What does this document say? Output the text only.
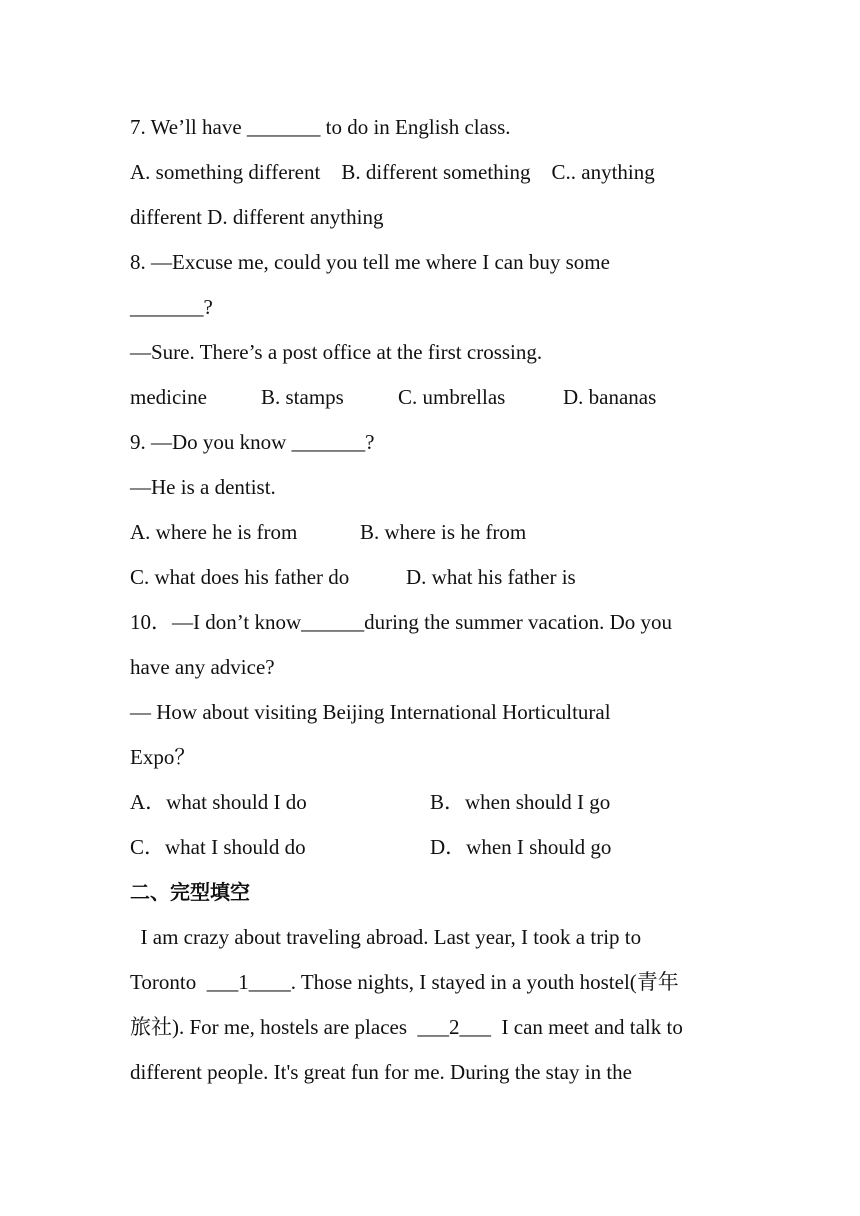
7. We’ll have _______ to do in English class.
A. something different    B. different something    C.. anything
different D. different anything
8. —Excuse me, could you tell me where I can buy some
_______?
—Sure. There’s a post office at the first crossing.
medicine	B. stamps	C. umbrellas	D. bananas
9. —Do you know _______?
—He is a dentist.
A. where he is from	B. where is he from
C. what does his father do	D. what his father is
10．—I don’t know______during the summer vacation. Do you
have any advice?
— How about visiting Beijing International Horticultural
Expo？
A．what should I do	B．when should I go
C．what I should do	D．when I should go
二、完型填空
I am crazy about traveling abroad. Last year, I took a trip to
Toronto  ___1____. Those nights, I stayed in a youth hostel(青年
旅社). For me, hostels are places  ___2___  I can meet and talk to
different people. It's great fun for me. During the stay in the
